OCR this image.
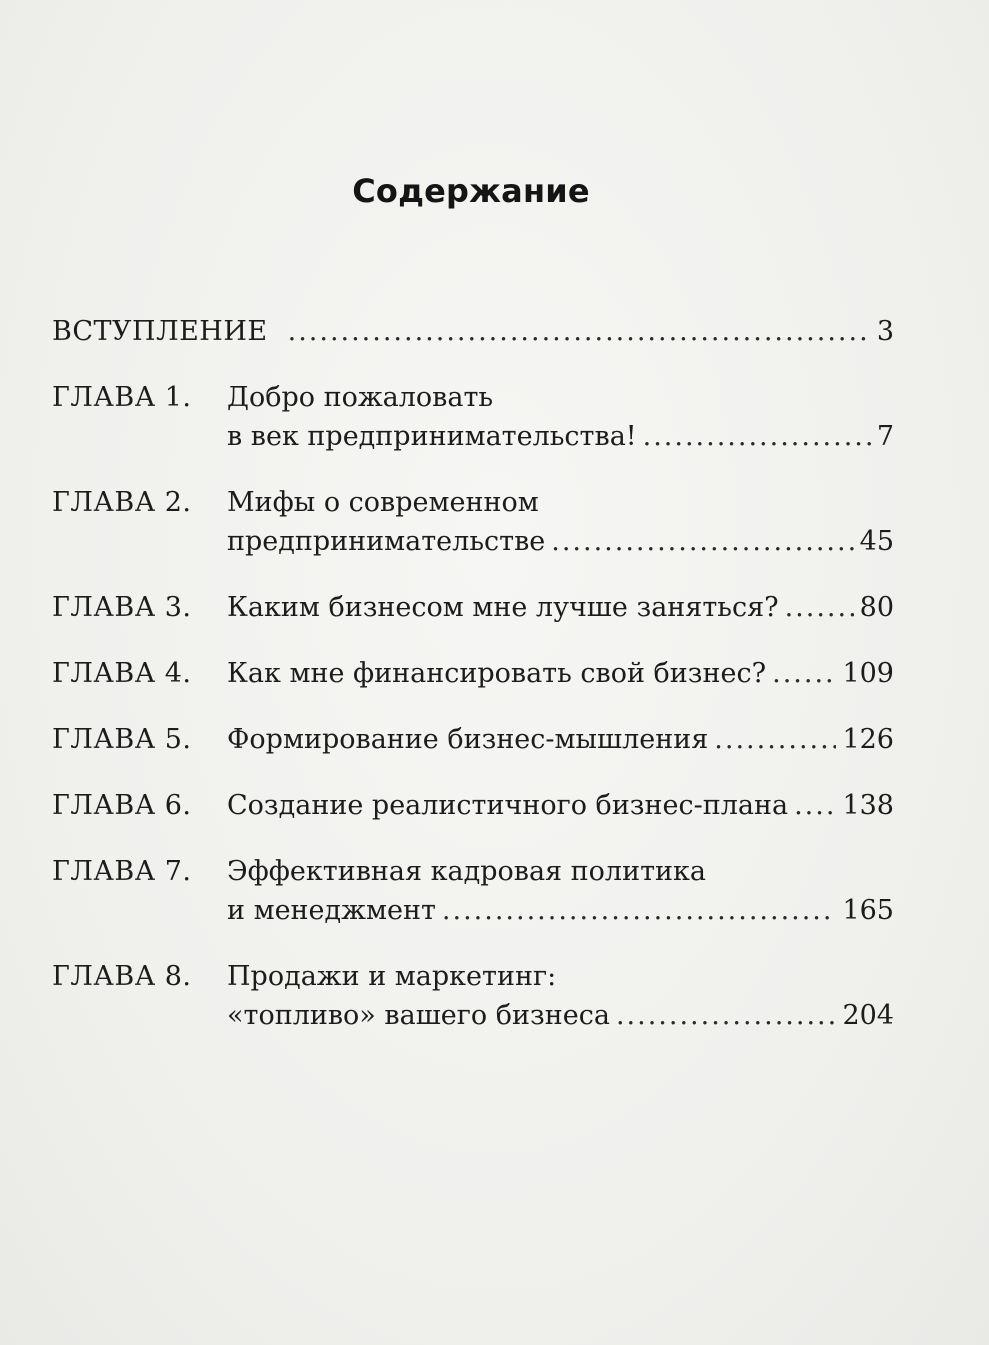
Содержание
ВСТУПЛЕНИЕ .....	3
ГЛАВА 1.	Добро пожаловать
в век предпринимательства! .....	7
ГЛАВА 2.	Мифы о современном
предпринимательстве .....	45
ГЛАВА 3.	Каким бизнесом мне лучше заняться? .....	80
ГЛАВА 4.	Как мне финансировать свой бизнес? .....	109
ГЛАВА 5.	Формирование бизнес-мышления .....	126
ГЛАВА 6.	Создание реалистичного бизнес-плана ..... 138
ГЛАВА 7.	Эффективная кадровая политика
и менеджмент .....	165
ГЛАВА 8.	Продажи и маркетинг:
«топливо» вашего бизнеса .....	204
